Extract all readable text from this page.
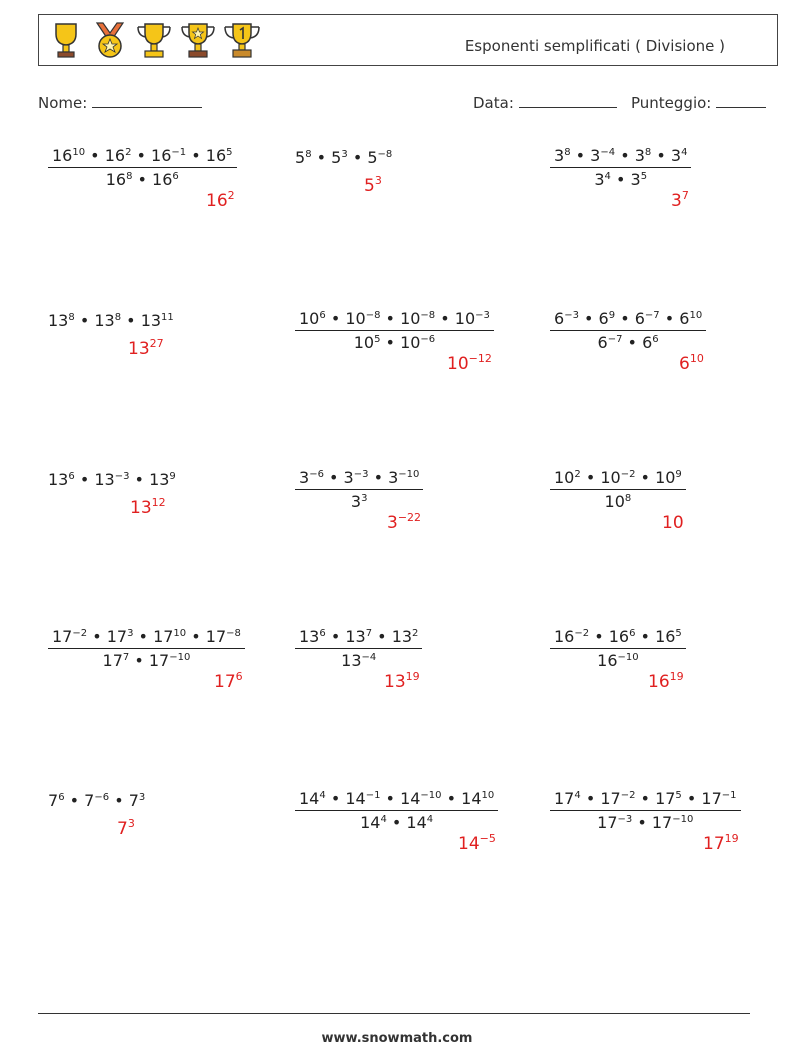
Esponenti semplificati ( Divisione )
Nome:	Data:	Punteggio:
$\frac{16^{10} • 16^2 • 16^{-1} • 16^5}{16^8 • 16^6}$
$16^2$
$5^8$ • $5^3$ • $5^{-8}$
$5^3$	$\frac{3^8 • 3^{-4} • 3^8 • 3^4}{3^4 • 3^5}$
$3^7$
$13^8$ • $13^8$ • $13^{11}$
$13^{27}$	$\frac{10^6 • 10^{-8} • 10^{-8} • 10^{-3}}{10^5 • 10^{-6}}$
$10^{-12}$
$\frac{6^{-3} • 6^9 • 6^{-7} • 6^{10}}{6^{-7} • 6^6}$
$6^{10}$
$13^6$ • $13^{-3}$ • $13^9$
$13^{12}$	$\frac{3^{-6} • 3^{-3} • 3^{-10}}{3^3}$
$3^{-22}$
$\frac{10^2 • 10^{-2} • 10^9}{10^8}$
10
$\frac{17^{-2} • 17^3 • 17^{10} • 17^{-8}}{17^7 • 17^{-10}}$
$17^6$
$\frac{13^6 • 13^7 • 13^2}{13^{-4}}$
$13^{19}$
$\frac{16^{-2} • 16^6 • 16^5}{16^{-10}}$
$16^{19}$
$7^6$ • $7^{-6}$ • $7^3$
$7^3$	$\frac{14^4 • 14^{-1} • 14^{-10} • 14^{10}}{14^4 • 14^4}$
$14^{-5}$
$\frac{17^4 • 17^{-2} • 17^5 • 17^{-1}}{17^{-3} • 17^{-10}}$
$17^{19}$
www.snowmath.com
